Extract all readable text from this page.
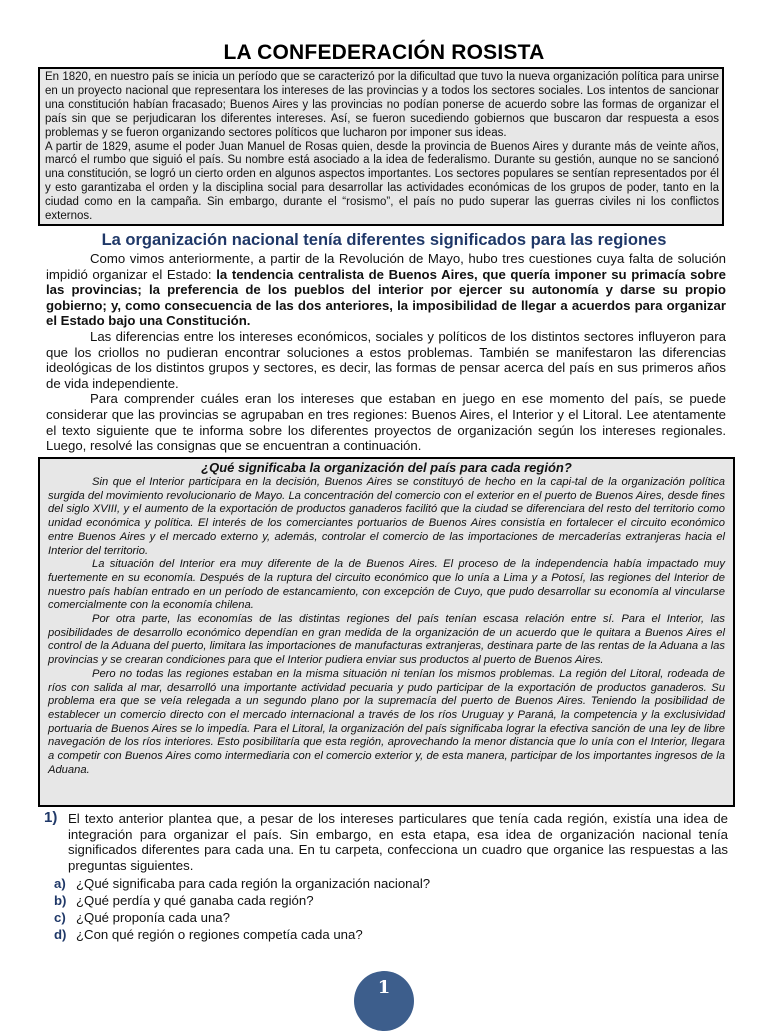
LA CONFEDERACIÓN ROSISTA

En 1820, en nuestro país se inicia un período que se caracterizó por la dificultad que tuvo la nueva organización política para unirse en un proyecto nacional que representara los intereses de las provincias y a todos los sectores sociales. Los intentos de sancionar una constitución habían fracasado; Buenos Aires y las provincias no podían ponerse de acuerdo sobre las formas de organizar el país sin que se perjudicaran los diferentes intereses. Así, se fueron sucediendo gobiernos que buscaron dar respuesta a esos problemas y se fueron organizando sectores políticos que lucharon por imponer sus ideas.

A partir de 1829, asume el poder Juan Manuel de Rosas quien, desde la provincia de Buenos Aires y durante más de veinte años, marcó el rumbo que siguió el país. Su nombre está asociado a la idea de federalismo. Durante su gestión, aunque no se sancionó una constitución, se logró un cierto orden en algunos aspectos importantes. Los sectores populares se sentían representados por él y esto garantizaba el orden y la disciplina social para desarrollar las actividades económicas de los grupos de poder, tanto en la ciudad como en la campaña. Sin embargo, durante el “rosismo”, el país no pudo superar las guerras civiles ni los conflictos externos.

La organización nacional tenía diferentes significados para las regiones

Como vimos anteriormente, a partir de la Revolución de Mayo, hubo tres cuestiones cuya falta de solución impidió organizar el Estado: la tendencia centralista de Buenos Aires, que quería imponer su primacía sobre las provincias; la preferencia de los pueblos del interior por ejercer su autonomía y darse su propio gobierno; y, como consecuencia de las dos anteriores, la imposibilidad de llegar a acuerdos para organizar el Estado bajo una Constitución.

Las diferencias entre los intereses económicos, sociales y políticos de los distintos sectores influyeron para que los criollos no pudieran encontrar soluciones a estos problemas. También se manifestaron las diferencias ideológicas de los distintos grupos y sectores, es decir, las formas de pensar acerca del país en sus primeros años de vida independiente.

Para comprender cuáles eran los intereses que estaban en juego en ese momento del país, se puede considerar que las provincias se agrupaban en tres regiones: Buenos Aires, el Interior y el Litoral. Lee atentamente el texto siguiente que te informa sobre los diferentes proyectos de organización según los intereses regionales. Luego, resolvé las consignas que se encuentran a continuación.

¿Qué significaba la organización del país para cada región?

Sin que el Interior participara en la decisión, Buenos Aires se constituyó de hecho en la capi-tal de la organización política surgida del movimiento revolucionario de Mayo. La concentración del comercio con el exterior en el puerto de Buenos Aires, desde fines del siglo XVIII, y el aumento de la exportación de productos ganaderos facilitó que la ciudad se diferenciara del resto del territorio como unidad económica y política. El interés de los comerciantes portuarios de Buenos Aires consistía en fortalecer el circuito económico entre Buenos Aires y el mercado externo y, además, controlar el comercio de las importaciones de mercaderías extranjeras hacia el Interior del territorio.

La situación del Interior era muy diferente de la de Buenos Aires. El proceso de la independencia había impactado muy fuertemente en su economía. Después de la ruptura del circuito económico que lo unía a Lima y a Potosí, las regiones del Interior de nuestro país habían entrado en un período de estancamiento, con excepción de Cuyo, que pudo desarrollar su economía al vincularse comercialmente con la economía chilena.

Por otra parte, las economías de las distintas regiones del país tenían escasa relación entre sí. Para el Interior, las posibilidades de desarrollo económico dependían en gran medida de la organización de un acuerdo que le quitara a Buenos Aires el control de la Aduana del puerto, limitara las importaciones de manufacturas extranjeras, destinara parte de las rentas de la Aduana a las provincias y se crearan condiciones para que el Interior pudiera enviar sus productos al puerto de Buenos Aires.

Pero no todas las regiones estaban en la misma situación ni tenían los mismos problemas. La región del Litoral, rodeada de ríos con salida al mar, desarrolló una importante actividad pecuaria y pudo participar de la exportación de productos ganaderos. Su problema era que se veía relegada a un segundo plano por la supremacía del puerto de Buenos Aires. Teniendo la posibilidad de establecer un comercio directo con el mercado internacional a través de los ríos Uruguay y Paraná, la competencia y la exclusividad portuaria de Buenos Aires se lo impedía. Para el Litoral, la organización del país significaba lograr la efectiva sanción de una ley de libre navegación de los ríos interiores. Esto posibilitaría que esta región, aprovechando la menor distancia que lo unía con el Interior, llegara a competir con Buenos Aires como intermediaria con el comercio exterior y, de esta manera, participar de los importantes ingresos de la Aduana.

1) El texto anterior plantea que, a pesar de los intereses particulares que tenía cada región, existía una idea de integración para organizar el país. Sin embargo, en esta etapa, esa idea de organización nacional tenía significados diferentes para cada una. En tu carpeta, confecciona un cuadro que organice las respuestas a las preguntas siguientes.

a) ¿Qué significaba para cada región la organización nacional?
b) ¿Qué perdía y qué ganaba cada región?
c) ¿Qué proponía cada una?
d) ¿Con qué región o regiones competía cada una?
1
